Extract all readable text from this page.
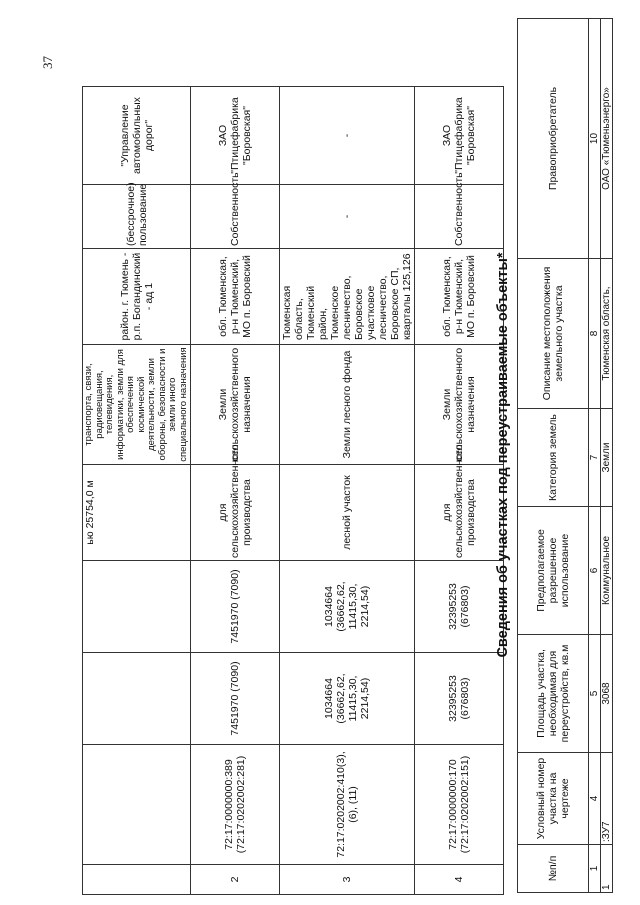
37
				ью 25754,0 м	транспорта, связи, радиовещания, телевидения, информатики, земли для обеспечения космической деятельности, земли обороны, безопасности и земли иного специального назначения	район. г. Тюмень - р.п. Богандинский - ад 1	(бессрочное) пользование	"Управление автомобильных дорог"
2	72:17:0000000:389 (72:17:0202002:281)	7451970 (7090)	7451970 (7090)	для сельскохозяйственного производства	Земли сельскохозяйственного назначения	обл. Тюменская, р-н Тюменский, МО п. Боровский	Собственность	ЗАО "Птицефабрика "Боровская"
3	72:17:0202002:410(3), (6), (11)	1034664 (36662,62, 11415,30, 2214,54)	1034664 (36662,62, 11415,30, 2214,54)	лесной участок	Земли лесного фонда	Тюменская область, Тюменский район, Тюменское лесничество, Боровское участковое лесничество, Боровское СП, кварталы 125,126	-	-
4	72:17:0000000:170 (72:17:0202002:151)	32395253 (676803)	32395253 (676803)	для сельскохозяйственного производства	Земли сельскохозяйственного назначения	обл. Тюменская, р-н Тюменский, МО п. Боровский	Собственность	ЗАО "Птицефабрика "Боровская"
Сведения об участках под переустраиваемые объекты*
№п/п	Условный номер участка на чертеже	Площадь участка, необходимая для переустройств, кв.м	Предполагаемое разрешенное использование	Категория земель	Описание местоположения земельного участка	Правоприобретатель
1	4	5	6	7	8	10
1	:ЗУ7	3068	Коммунальное	Земли	Тюменская область,	ОАО «Тюменьэнерго»
